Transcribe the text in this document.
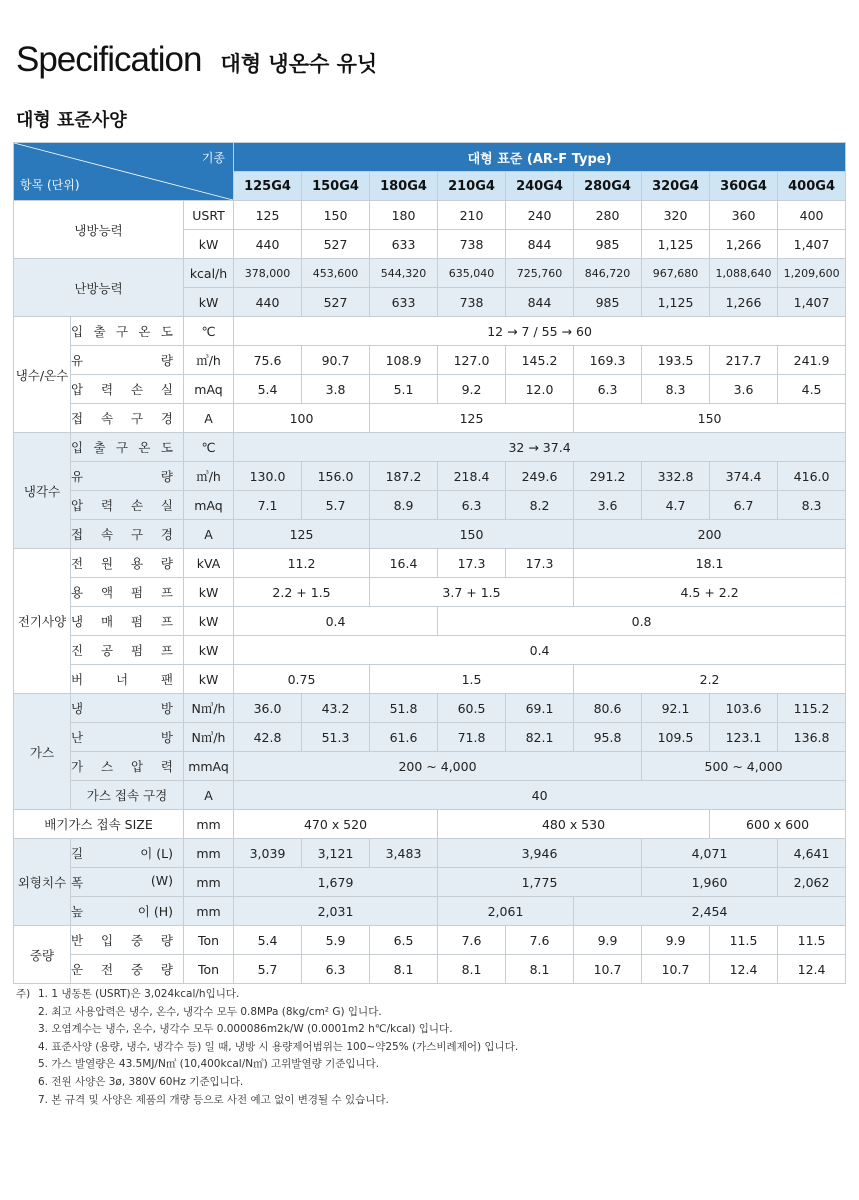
Specification 대형 냉온수 유닛
대형 표준사양
기종
항목 (단위)			대형 표준 (AR-F Type)								
			125G4	150G4	180G4	210G4	240G4	280G4	320G4	360G4	400G4
냉방능력		USRT	125	150	180	210	240	280	320	360	400
		kW	440	527	633	738	844	985	1,125	1,266	1,407
난방능력		kcal/h	378,000	453,600	544,320	635,040	725,760	846,720	967,680	1,088,640	1,209,600
		kW	440	527	633	738	844	985	1,125	1,266	1,407
냉수/온수	입 출 구 온 도	℃	12 → 7 / 55 → 60								

	유 량	㎥/h	75.6	90.7	108.9	127.0	145.2	169.3	193.5	217.7	241.9

	압 력 손 실	mAq	5.4	3.8	5.1	9.2	12.0	6.3	8.3	3.6	4.5

	접 속 구 경	A	100		125			150			
냉각수	입 출 구 온 도	℃	32 → 37.4								

	유 량	㎥/h	130.0	156.0	187.2	218.4	249.6	291.2	332.8	374.4	416.0

	압 력 손 실	mAq	7.1	5.7	8.9	6.3	8.2	3.6	4.7	6.7	8.3

	접 속 구 경	A	125		150			200			
전기사양	전 원 용 량	kVA	11.2		16.4	17.3	17.3	18.1			

	용 액 펌 프	kW	2.2 + 1.5		3.7 + 1.5			4.5 + 2.2			

	냉 매 펌 프	kW	0.4			0.8					

	진 공 펌 프	kW	0.4								

	버 너 팬	kW	0.75		1.5			2.2			
가스	냉 방	N㎥/h	36.0	43.2	51.8	60.5	69.1	80.6	92.1	103.6	115.2

	난 방	N㎥/h	42.8	51.3	61.6	71.8	82.1	95.8	109.5	123.1	136.8

	가 스 압 력	mmAq	200 ~ 4,000						500 ~ 4,000		
	가스 접속 구경	A	40								
배기가스 접속 SIZE		mm	470 x 520			480 x 530				600 x 600	
외형치수	길 이 (L)	mm	3,039	3,121	3,483	3,946			4,071		4,641

	폭 (W)	mm	1,679			1,775			1,960		2,062

	높 이 (H)	mm	2,031			2,061		2,454			
중량	반 입 중 량	Ton	5.4	5.9	6.5	7.6	7.6	9.9	9.9	11.5	11.5

	운 전 중 량	Ton	5.7	6.3	8.1	8.1	8.1	10.7	10.7	12.4	12.4
주) 1. 1 냉동톤 (USRT)은 3,024kcal/h입니다.
2. 최고 사용압력은 냉수, 온수, 냉각수 모두 0.8MPa (8kg/cm² G) 입니다.
3. 오염계수는 냉수, 온수, 냉각수 모두 0.000086m2k/W (0.0001m2 h℃/kcal) 입니다.
4. 표준사양 (용량, 냉수, 냉각수 등) 일 때, 냉방 시 용량제어범위는 100~약25% (가스비례제어) 입니다.
5. 가스 발열량은 43.5MJ/N㎥ (10,400kcal/N㎥) 고위발열량 기준입니다.
6. 전원 사양은 3ø, 380V 60Hz 기준입니다.
7. 본 규격 및 사양은 제품의 개량 등으로 사전 예고 없이 변경될 수 있습니다.
